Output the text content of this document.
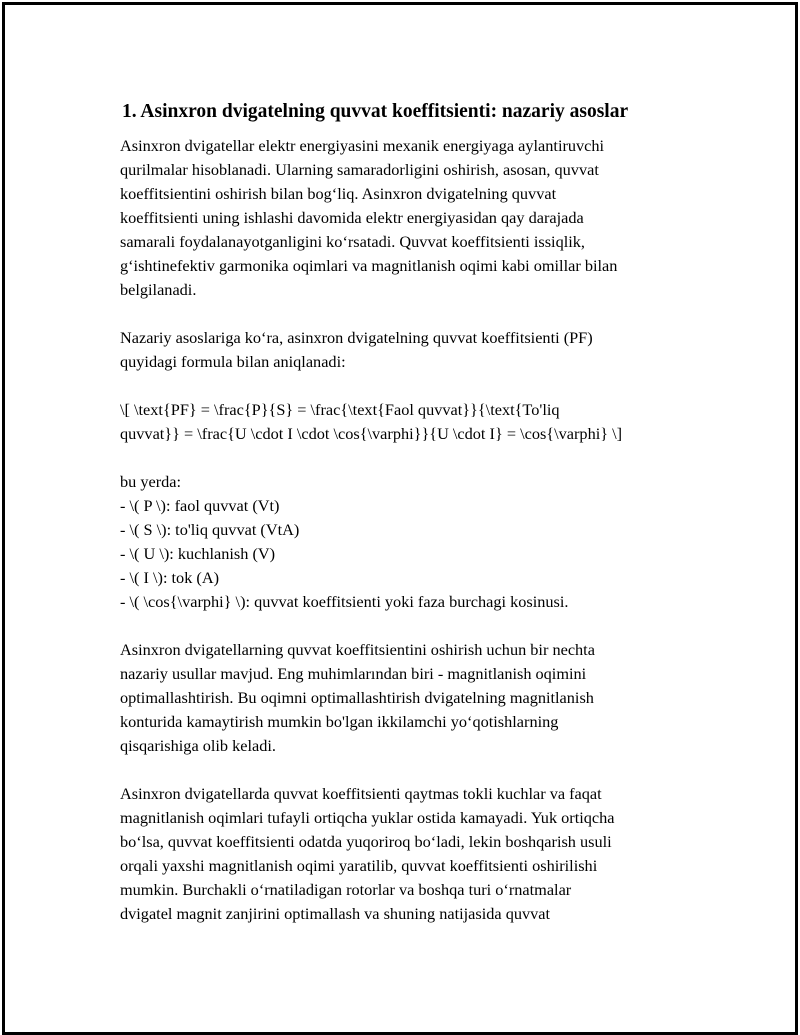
1. Asinxron dvigatelning quvvat koeffitsienti: nazariy asoslar

Asinxron dvigatellar elektr energiyasini mexanik energiyaga aylantiruvchi
qurilmalar hisoblanadi. Ularning samaradorligini oshirish, asosan, quvvat
koeffitsientini oshirish bilan bog‘liq. Asinxron dvigatelning quvvat
koeffitsienti uning ishlashi davomida elektr energiyasidan qay darajada
samarali foydalanayotganligini ko‘rsatadi. Quvvat koeffitsienti issiqlik,
g‘ishtinefektiv garmonika oqimlari va magnitlanish oqimi kabi omillar bilan
belgilanadi.

Nazariy asoslariga ko‘ra, asinxron dvigatelning quvvat koeffitsienti (PF)
quyidagi formula bilan aniqlanadi:

\[ \text{PF} = \frac{P}{S} = \frac{\text{Faol quvvat}}{\text{To'liq
quvvat}} = \frac{U \cdot I \cdot \cos{\varphi}}{U \cdot I} = \cos{\varphi} \]

bu yerda:

- \( P \): faol quvvat (Vt)
- \( S \): to'liq quvvat (VtA)
- \( U \): kuchlanish (V)
- \( I \): tok (A)
- \( \cos{\varphi} \): quvvat koeffitsienti yoki faza burchagi kosinusi.

Asinxron dvigatellarning quvvat koeffitsientini oshirish uchun bir nechta
nazariy usullar mavjud. Eng muhimlarından biri - magnitlanish oqimini
optimallashtirish. Bu oqimni optimallashtirish dvigatelning magnitlanish
konturida kamaytirish mumkin bo'lgan ikkilamchi yo‘qotishlarning
qisqarishiga olib keladi.

Asinxron dvigatellarda quvvat koeffitsienti qaytmas tokli kuchlar va faqat
magnitlanish oqimlari tufayli ortiqcha yuklar ostida kamayadi. Yuk ortiqcha
bo‘lsa, quvvat koeffitsienti odatda yuqoriroq bo‘ladi, lekin boshqarish usuli
orqali yaxshi magnitlanish oqimi yaratilib, quvvat koeffitsienti oshirilishi
mumkin. Burchakli o‘rnatiladigan rotorlar va boshqa turi o‘rnatmalar
dvigatel magnit zanjirini optimallash va shuning natijasida quvvat
